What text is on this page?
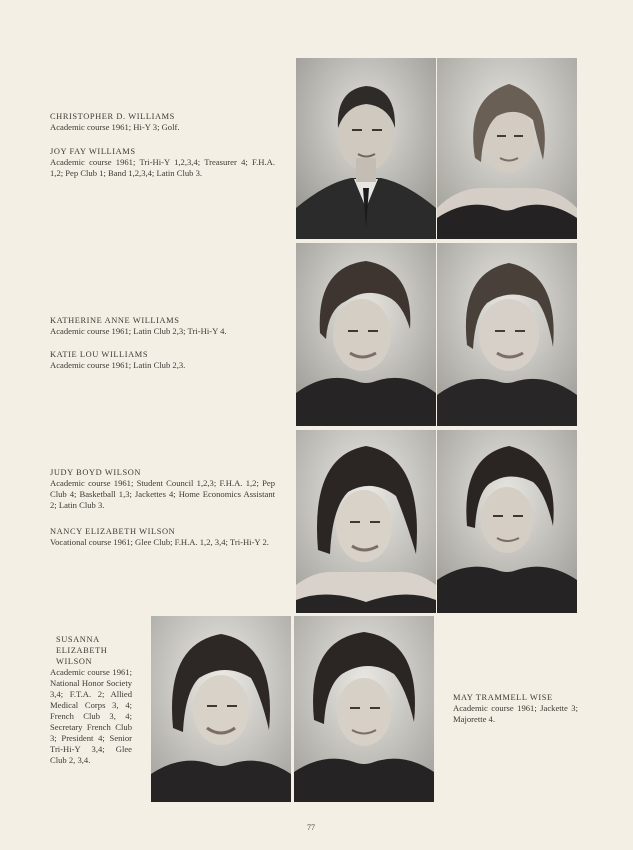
CHRISTOPHER D. WILLIAMS
Academic course 1961; Hi-Y 3; Golf.
JOY FAY WILLIAMS
Academic course 1961; Tri-Hi-Y 1,2,3,4; Treasurer 4; F.H.A. 1,2; Pep Club 1; Band 1,2,3,4; Latin Club 3.
KATHERINE ANNE WILLIAMS
Academic course 1961; Latin Club 2,3; Tri-Hi-Y 4.
KATIE LOU WILLIAMS
Academic course 1961; Latin Club 2,3.
JUDY BOYD WILSON
Academic course 1961; Student Council 1,2,3; F.H.A. 1,2; Pep Club 4; Basketball 1,3; Jackettes 4; Home Economics Assistant 2; Latin Club 3.
NANCY ELIZABETH WILSON
Vocational course 1961; Glee Club; F.H.A. 1,2, 3,4; Tri-Hi-Y 2.
SUSANNA ELIZABETH WILSON
Academic course 1961; National Honor Society 3,4; F.T.A. 2; Allied Medical Corps 3, 4; French Club 3, 4; Secretary French Club 3; President 4; Senior Tri-Hi-Y 3,4; Glee Club 2, 3,4.
MAY TRAMMELL WISE
Academic course 1961; Jackette 3; Majorette 4.
77
